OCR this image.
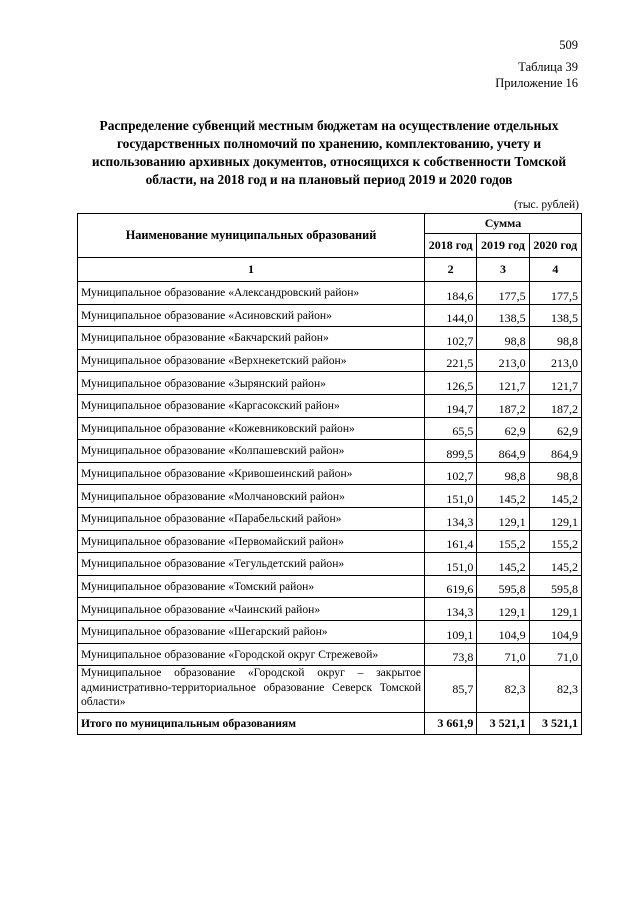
509
Таблица 39
Приложение 16
Распределение субвенций местным бюджетам на осуществление отдельных государственных полномочий по хранению, комплектованию, учету и использованию архивных документов, относящихся к собственности Томской области, на 2018 год и на плановый период 2019 и 2020 годов
(тыс. рублей)
Наименование муниципальных образований	Сумма		
	2018 год	2019 год	2020 год
1	2	3	4
Муниципальное образование «Александровский район»	184,6	177,5	177,5
Муниципальное образование «Асиновский район»	144,0	138,5	138,5
Муниципальное образование «Бакчарский район»	102,7	98,8	98,8
Муниципальное образование «Верхнекетский район»	221,5	213,0	213,0
Муниципальное образование «Зырянский район»	126,5	121,7	121,7
Муниципальное образование «Каргасокский район»	194,7	187,2	187,2
Муниципальное образование «Кожевниковский район»	65,5	62,9	62,9
Муниципальное образование «Колпашевский район»	899,5	864,9	864,9
Муниципальное образование «Кривошеинский район»	102,7	98,8	98,8
Муниципальное образование «Молчановский район»	151,0	145,2	145,2
Муниципальное образование «Парабельский район»	134,3	129,1	129,1
Муниципальное образование «Первомайский район»	161,4	155,2	155,2
Муниципальное образование «Тегульдетский район»	151,0	145,2	145,2
Муниципальное образование «Томский район»	619,6	595,8	595,8
Муниципальное образование «Чаинский район»	134,3	129,1	129,1
Муниципальное образование «Шегарский район»	109,1	104,9	104,9
Муниципальное образование «Городской округ Стрежевой»	73,8	71,0	71,0
Муниципальное образование «Городской округ – закрытое административно-территориальное образование Северск Томской области»	85,7	82,3	82,3
Итого по муниципальным образованиям	3 661,9	3 521,1	3 521,1
